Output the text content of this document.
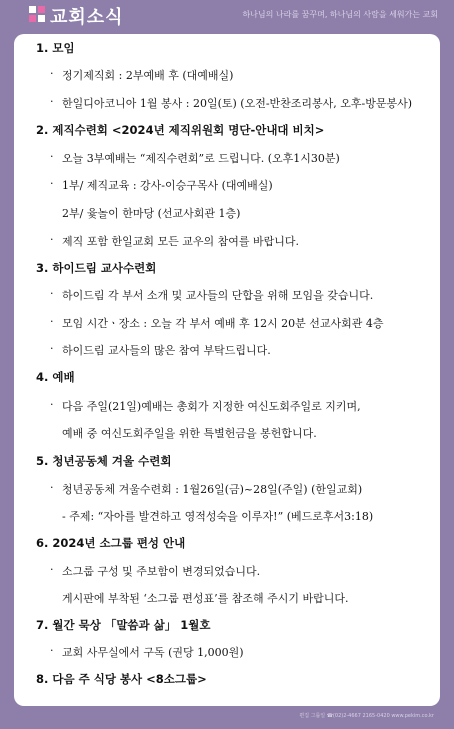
교회소식	하나님의 나라를 꿈꾸며, 하나님의 사람을 세워가는 교회
1. 모임
· 정기제직회 : 2부예배 후 (대예배실)
· 한일디아코니아 1월 봉사 : 20일(토) (오전-반찬조리봉사, 오후-방문봉사)
2. 제직수련회 <2024년 제직위원회 명단-안내대 비치>
· 오늘 3부예배는 “제직수련회”로 드립니다. (오후1시30분)
· 1부/ 제직교육 : 강사-이승구목사 (대예배실)
2부/ 윷놀이 한마당 (선교사회관 1층)
· 제직 포함 한일교회 모든 교우의 참여를 바랍니다.
3. 하이드림 교사수련회
· 하이드림 각 부서 소개 및 교사들의 단합을 위해 모임을 갖습니다.
· 모임 시간ㆍ장소 : 오늘 각 부서 예배 후 12시 20분 선교사회관 4층
· 하이드림 교사들의 많은 참여 부탁드립니다.
4. 예배
· 다음 주일(21일)예배는 총회가 지정한 여신도회주일로 지키며,
예배 중 여신도회주일을 위한 특별헌금을 봉헌합니다.
5. 청년공동체 겨울 수련회
· 청년공동체 겨울수련회 : 1월26일(금)~28일(주일) (한일교회)
- 주제: “자아를 발견하고 영적성숙을 이루자!” (베드로후서3:18)
6. 2024년 소그룹 편성 안내
· 소그룹 구성 및 주보함이 변경되었습니다.
게시판에 부착된 ‘소그룹 편성표’를 참조해 주시기 바랍니다.
7. 월간 묵상 「말씀과 삶」 1월호
· 교회 사무실에서 구독 (권당 1,000원)
8. 다음 주 식당 봉사 <8소그룹>
편집 그룹일 ☎(02)2-4667 2165-0420 www.pekim.co.kr
